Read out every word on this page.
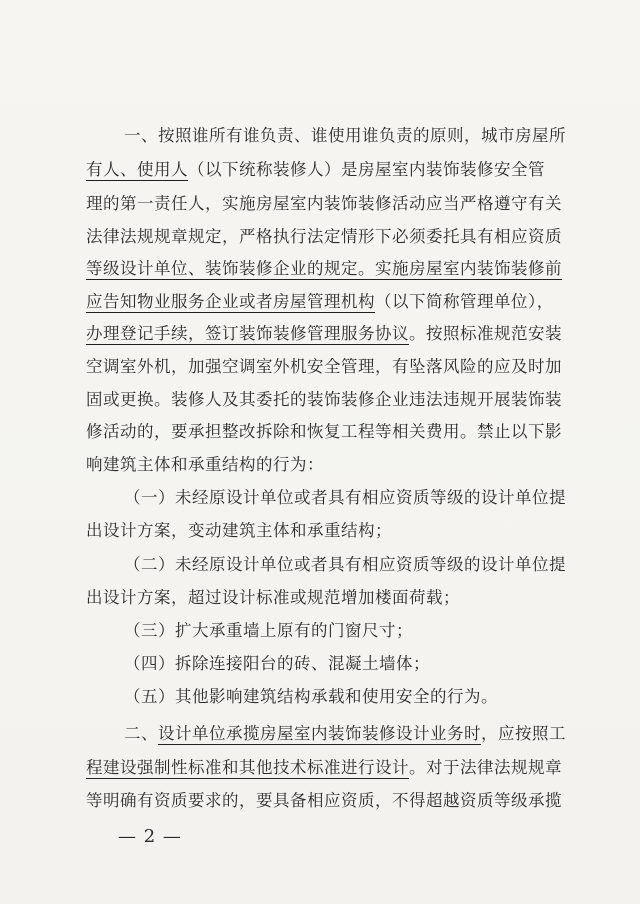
一、按照谁所有谁负责、谁使用谁负责的原则，城市房屋所
有人、使用人（以下统称装修人）是房屋室内装饰装修安全管
理的第一责任人，实施房屋室内装饰装修活动应当严格遵守有关
法律法规规章规定，严格执行法定情形下必须委托具有相应资质
等级设计单位、装饰装修企业的规定。实施房屋室内装饰装修前
应告知物业服务企业或者房屋管理机构（以下简称管理单位），
办理登记手续，签订装饰装修管理服务协议。按照标准规范安装
空调室外机，加强空调室外机安全管理，有坠落风险的应及时加
固或更换。装修人及其委托的装饰装修企业违法违规开展装饰装
修活动的，要承担整改拆除和恢复工程等相关费用。禁止以下影
响建筑主体和承重结构的行为：
（一）未经原设计单位或者具有相应资质等级的设计单位提
出设计方案，变动建筑主体和承重结构；
（二）未经原设计单位或者具有相应资质等级的设计单位提
出设计方案，超过设计标准或规范增加楼面荷载；
（三）扩大承重墙上原有的门窗尺寸；
（四）拆除连接阳台的砖、混凝土墙体；
（五）其他影响建筑结构承载和使用安全的行为。
二、设计单位承揽房屋室内装饰装修设计业务时，应按照工
程建设强制性标准和其他技术标准进行设计。对于法律法规规章
等明确有资质要求的，要具备相应资质，不得超越资质等级承揽
— 2 —
